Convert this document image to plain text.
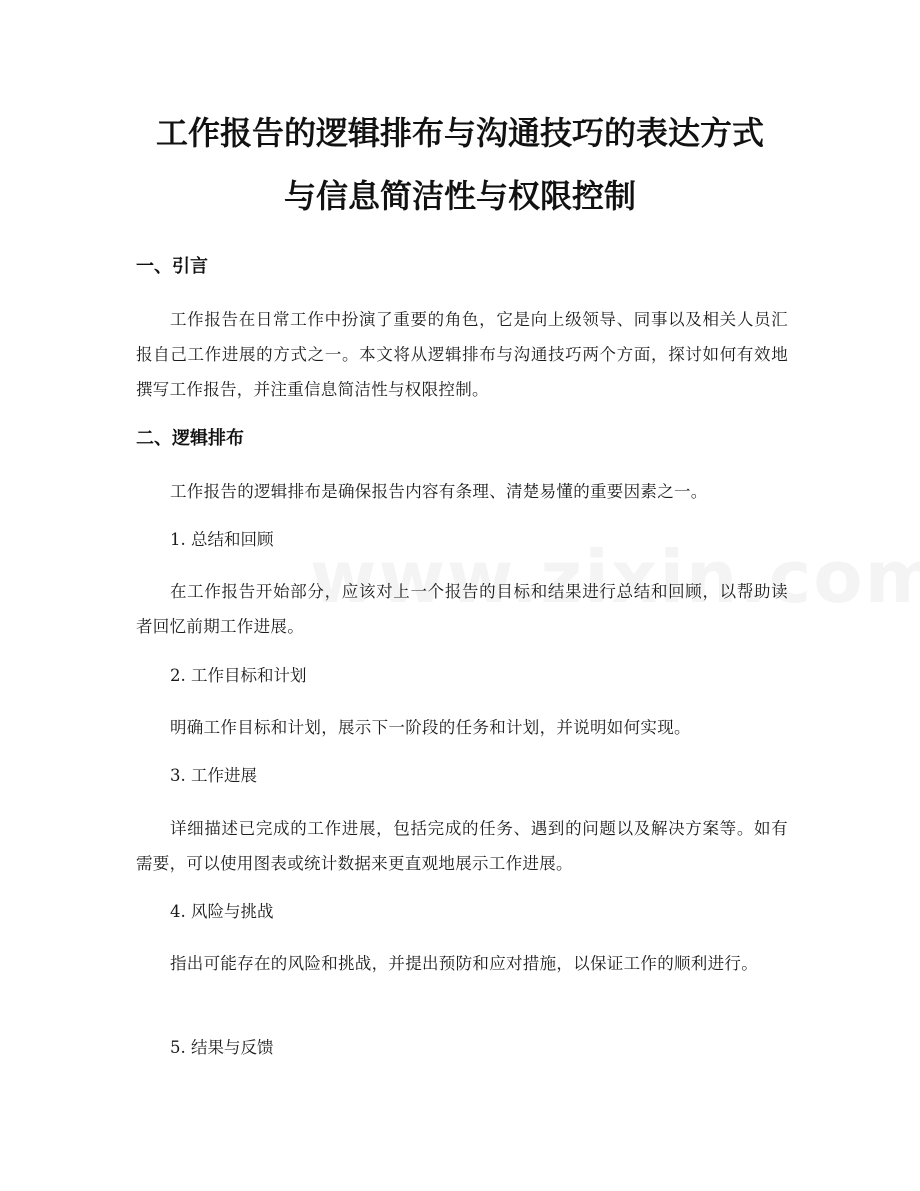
工作报告的逻辑排布与沟通技巧的表达方式
与信息简洁性与权限控制
一、引言

工作报告在日常工作中扮演了重要的角色，它是向上级领导、同事以及相关人员汇报自己工作进展的方式之一。本文将从逻辑排布与沟通技巧两个方面，探讨如何有效地撰写工作报告，并注重信息简洁性与权限控制。

二、逻辑排布

工作报告的逻辑排布是确保报告内容有条理、清楚易懂的重要因素之一。

1. 总结和回顾

在工作报告开始部分，应该对上一个报告的目标和结果进行总结和回顾，以帮助读者回忆前期工作进展。

2. 工作目标和计划

明确工作目标和计划，展示下一阶段的任务和计划，并说明如何实现。

3. 工作进展

详细描述已完成的工作进展，包括完成的任务、遇到的问题以及解决方案等。如有需要，可以使用图表或统计数据来更直观地展示工作进展。

4. 风险与挑战

指出可能存在的风险和挑战，并提出预防和应对措施，以保证工作的顺利进行。

5. 结果与反馈
